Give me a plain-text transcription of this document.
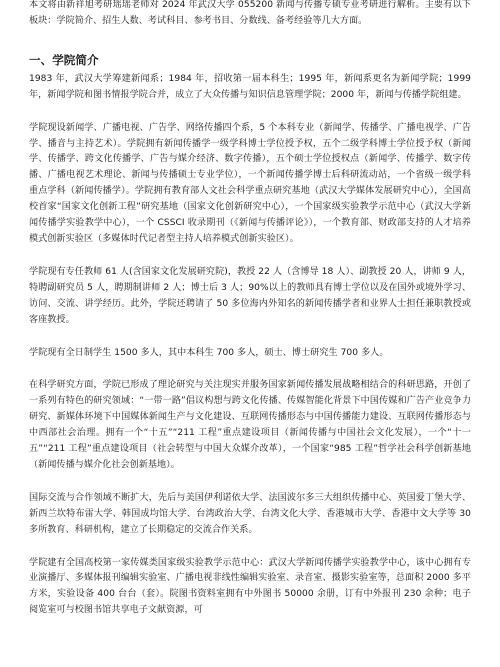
本文将由新祥旭考研瑶瑶老师对 2024 年武汉大学 055200 新闻与传播专硕专业考研进行解析。主要有以下板块：学院简介、招生人数、考试科目、参考书目、分数线、备考经验等几大方面。

一、学院简介

1983 年，武汉大学筹建新闻系；1984 年，招收第一届本科生；1995 年，新闻系更名为新闻学院；1999 年，新闻学院和图书情报学院合并，成立了大众传播与知识信息管理学院；2000 年，新闻与传播学院组建。

学院现设新闻学、广播电视、广告学、网络传播四个系，5 个本科专业（新闻学、传播学、广播电视学、广告学、播音与主持艺术）。学院拥有新闻传播学一级学科博士学位授予权，五个二级学科博士学位授予权（新闻学、传播学、跨文化传播学、广告与媒介经济、数字传播），五个硕士学位授权点（新闻学、传播学、数字传播、广播电视艺术理论、新闻与传播硕士专业学位），一个新闻传播学博士后科研流动站，一个省级一级学科重点学科（新闻传播学）。学院拥有教育部人文社会科学重点研究基地（武汉大学媒体发展研究中心），全国高校首家“国家文化创新工程”研究基地（国家文化创新研究中心），一个国家级实验教学示范中心（武汉大学新闻传播学实验教学中心），一个 CSSCI 收录期刊（《新闻与传播评论》），一个教育部、财政部支持的人才培养模式创新实验区（多媒体时代记者型主持人培养模式创新实验区）。

学院现有专任教师 61 人(含国家文化发展研究院)，教授 22 人（含博导 18 人）、副教授 20 人，讲师 9 人，特聘副研究员 5 人，聘期制讲师 2 人；博士后 3 人；90%以上的教师具有博士学位以及在国外或境外学习、访问、交流、讲学经历。此外，学院还聘请了 50 多位海内外知名的新闻传播学者和业界人士担任兼职教授或客座教授。

学院现有全日制学生 1500 多人，其中本科生 700 多人，硕士、博士研究生 700 多人。

在科学研究方面，学院已形成了理论研究与关注现实并服务国家新闻传播发展战略相结合的科研思路，开创了一系列有特色的研究领域：“一带一路”倡议构想与跨文化传播、传媒智能化背景下中国传媒和广告产业竞争力研究、新媒体环境下中国媒体新闻生产与文化建设、互联网传播形态与中国传播能力建设、互联网传播形态与中西部社会治理。拥有一个“十五”“211 工程”重点建设项目（新闻传播与中国社会文化发展），一个“十一五”“211 工程”重点建设项目（社会转型与中国大众媒介改革），一个国家“985 工程”哲学社会科学创新基地（新闻传播与媒介化社会创新基地）。

国际交流与合作领域不断扩大，先后与美国伊利诺依大学、法国波尔多三大组织传播中心、英国爱丁堡大学、新西兰坎特布雷大学、韩国成均馆大学、台湾政治大学、台湾文化大学、香港城市大学、香港中文大学等 30 多所教育、科研机构，建立了长期稳定的交流合作关系。

学院建有全国高校第一家传媒类国家级实验教学示范中心：武汉大学新闻传播学实验教学中心，该中心拥有专业演播厅、多媒体报刊编辑实验室、广播电视非线性编辑实验室、录音室、摄影实验室等，总面积 2000 多平方米，实验设备 400 台台（套）。院图书资料室拥有中外图书 50000 余册，订有中外报刊 230 余种；电子阅览室可与校图书馆共享电子文献资源，可
